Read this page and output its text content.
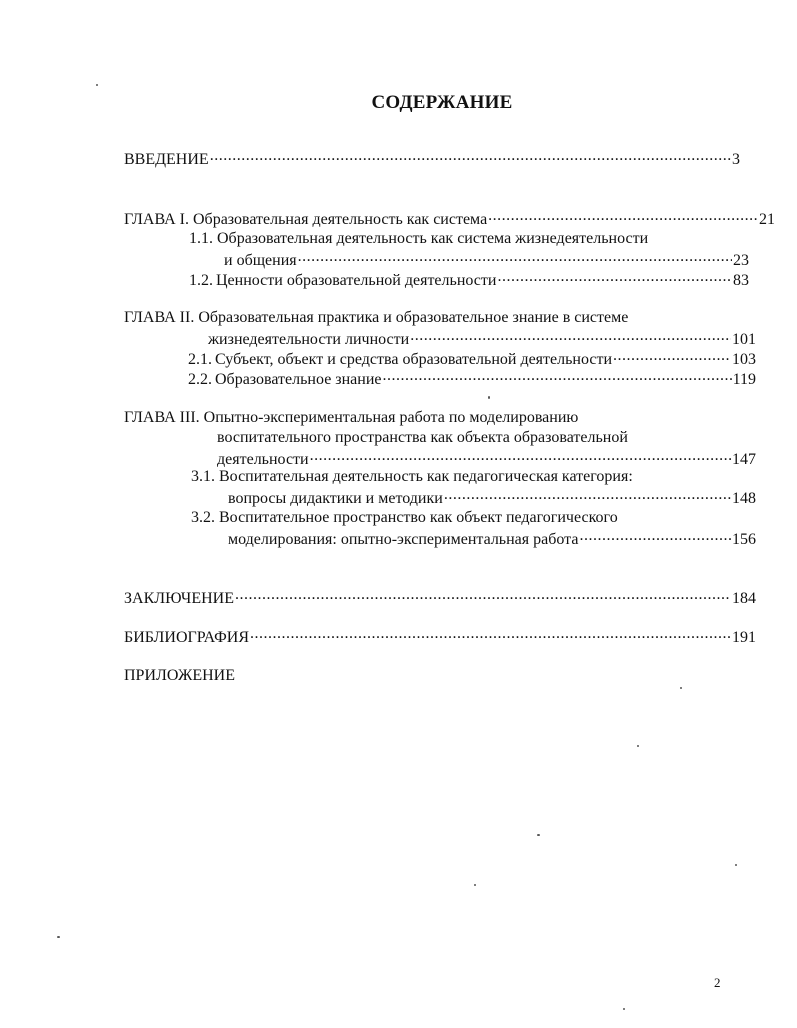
СОДЕРЖАНИЕ
ВВЕДЕНИЕ .....	3
ГЛАВА I. Образовательная деятельность как система .....	21
1.1. Образовательная деятельность как система жизнедеятельности
и общения .....	23
1.2. Ценности образовательной деятельности .....	83
ГЛАВА II. Образовательная практика и образовательное знание в системе
жизнедеятельности личности .....	101
2.1. Субъект, объект и средства образовательной деятельности .....	103
2.2. Образовательное знание .....	119
ГЛАВА III. Опытно-экспериментальная работа по моделированию
воспитательного пространства как объекта образовательной
деятельности .....	147
3.1. Воспитательная деятельность как педагогическая категория:
вопросы дидактики и методики .....	148
3.2. Воспитательное пространство как объект педагогического
моделирования: опытно-экспериментальная работа .....	156
ЗАКЛЮЧЕНИЕ .....	184
БИБЛИОГРАФИЯ .....	191
ПРИЛОЖЕНИЕ
2
